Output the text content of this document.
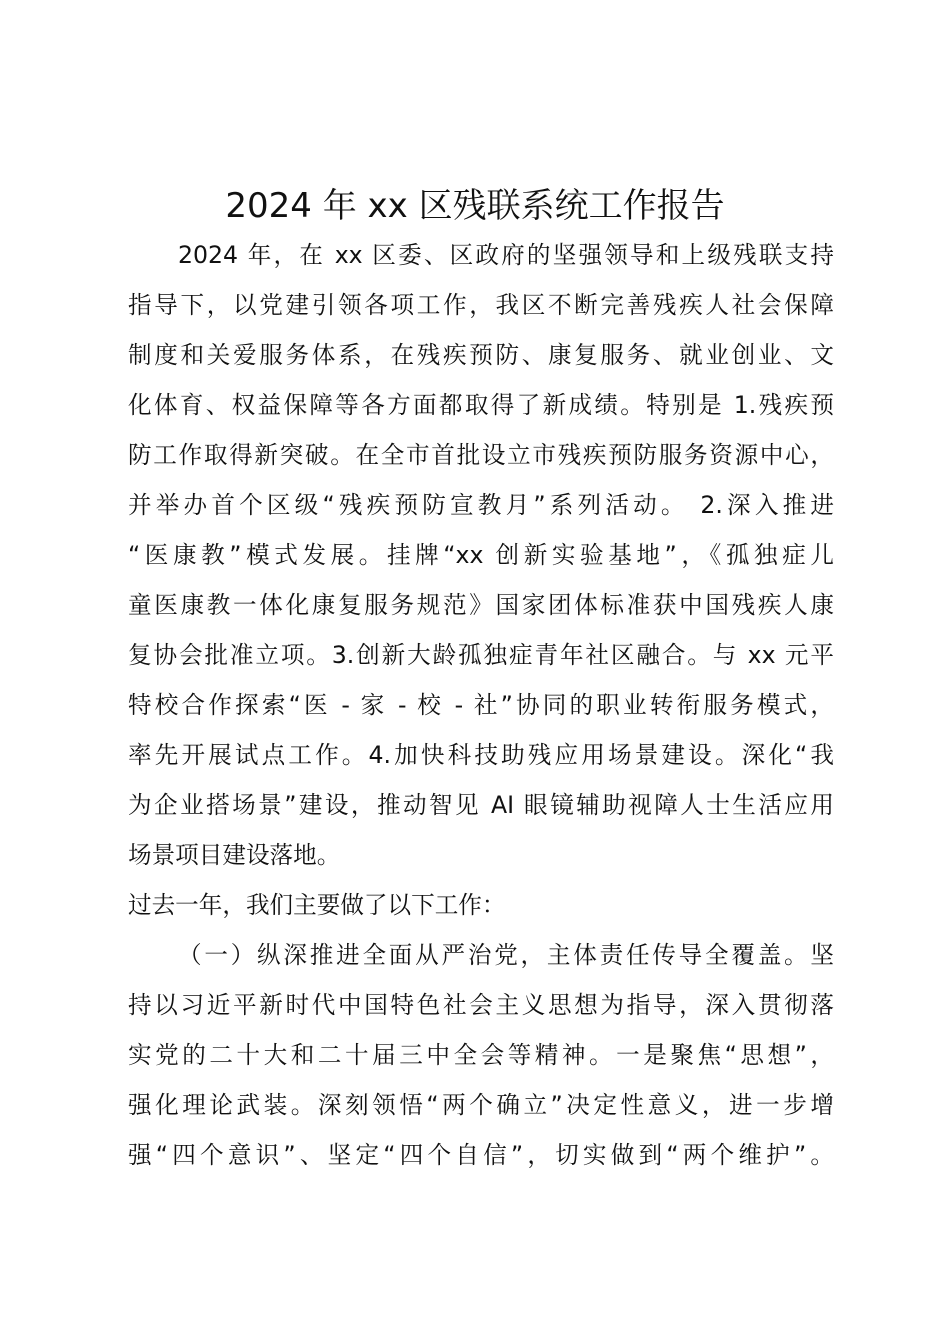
2024 年 xx 区残联系统工作报告
2024 年，在 xx 区委、区政府的坚强领导和上级残联支持
指导下，以党建引领各项工作，我区不断完善残疾人社会保障
制度和关爱服务体系，在残疾预防、康复服务、就业创业、文
化体育、权益保障等各方面都取得了新成绩。特别是 1.残疾预
防工作取得新突破。在全市首批设立市残疾预防服务资源中心，
并举办首个区级“残疾预防宣教月”系列活动。 2.深入推进
“医康教”模式发展。挂牌“xx 创新实验基地”，《孤独症儿
童医康教一体化康复服务规范》国家团体标准获中国残疾人康
复协会批准立项。3.创新大龄孤独症青年社区融合。与 xx 元平
特校合作探索“医 - 家 - 校 - 社”协同的职业转衔服务模式，
率先开展试点工作。4.加快科技助残应用场景建设。深化“我
为企业搭场景”建设，推动智见 AI 眼镜辅助视障人士生活应用
场景项目建设落地。
过去一年，我们主要做了以下工作：
（一）纵深推进全面从严治党，主体责任传导全覆盖。坚
持以习近平新时代中国特色社会主义思想为指导，深入贯彻落
实党的二十大和二十届三中全会等精神。一是聚焦“思想”，
强化理论武装。深刻领悟“两个确立”决定性意义，进一步增
强“四个意识”、坚定“四个自信”，切实做到“两个维护”。
